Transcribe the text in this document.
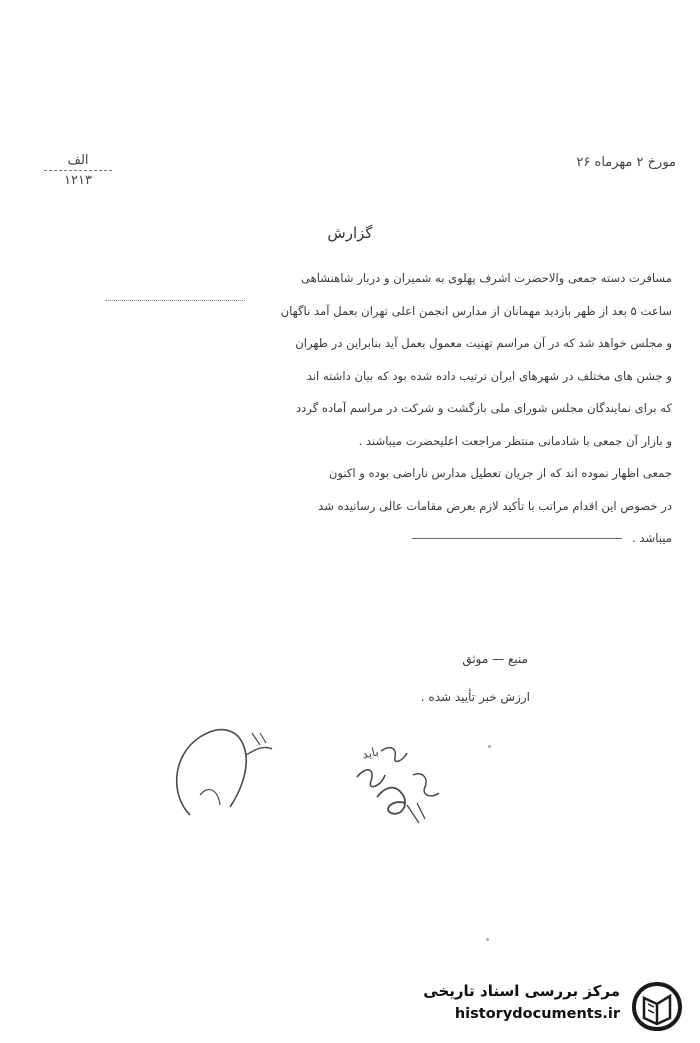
مورخ ۲ مهرماه ۲۶
الف
۱۲۱۳
گزارش
مسافرت دسته جمعی والاحضرت اشرف پهلوی به شمیران و دربار شاهنشاهی
ساعت ۵ بعد از ظهر بازدید مهمانان از مدارس انجمن اعلی تهران بعمل آمد ناگهان
و مجلس خواهد شد که در آن مراسم تهنیت معمول بعمل آید بنابراین در طهران
و جشن های مختلف در شهرهای ایران ترتیب داده شده بود که بیان داشته اند
که برای نمایندگان مجلس شورای ملی بازگشت و شرکت در مراسم آماده گردد
و بازار آن جمعی با شادمانی منتظر مراجعت اعلیحضرت میباشند .
جمعی اظهار نموده اند که از جریان تعطیل مدارس ناراضی بوده و اکنون
در خصوص این اقدام مراتب با تأکید لازم بعرض مقامات عالی رسانیده شد
میباشد .
منبع — موثق
ارزش خبر تأیید شده .
باید
مرکز بررسی اسناد تاریخی
historydocuments.ir
